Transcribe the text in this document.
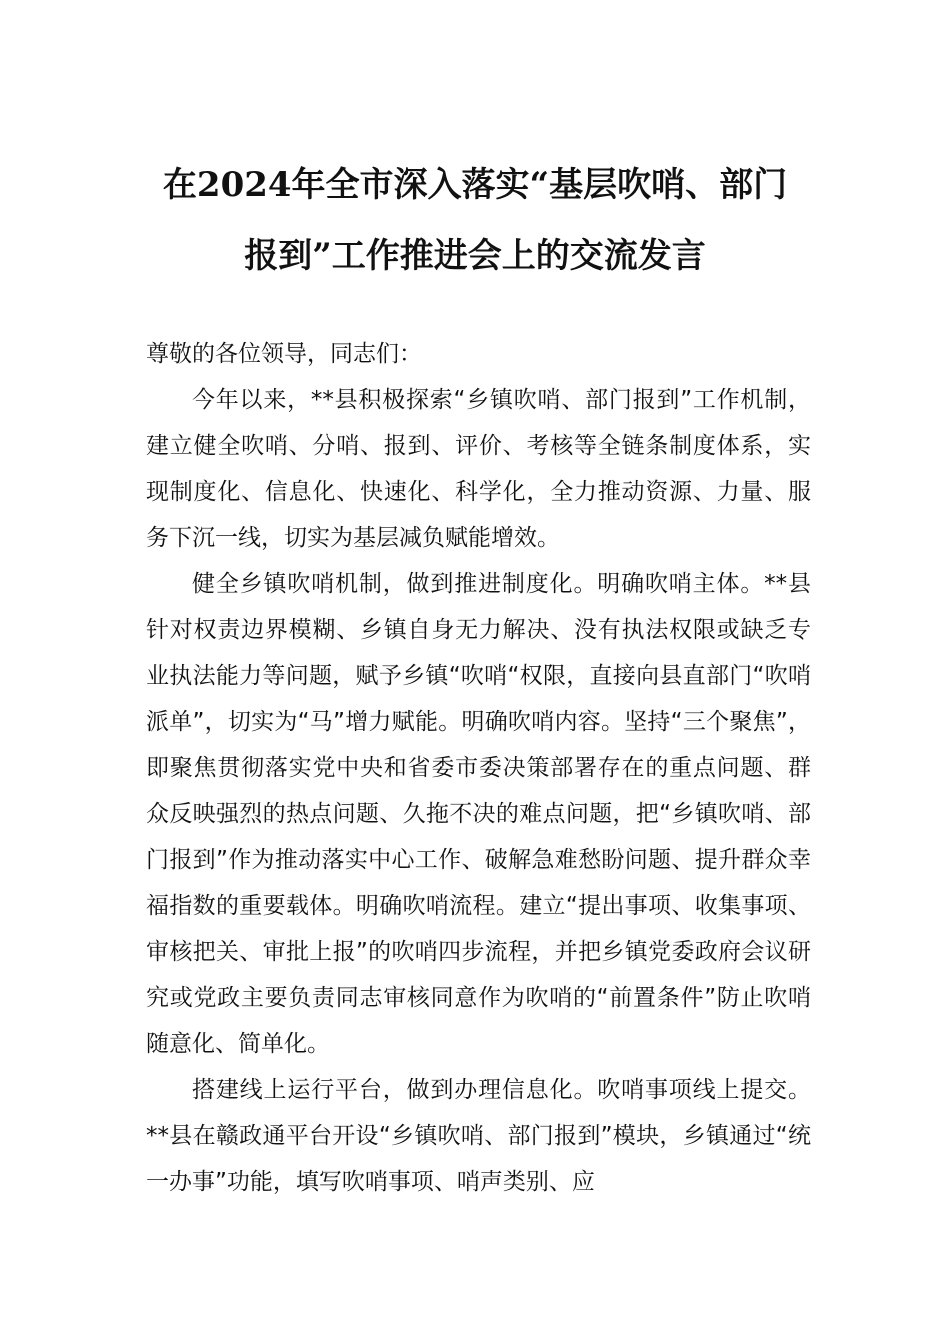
在2024年全市深入落实“基层吹哨、部门
报到”工作推进会上的交流发言

尊敬的各位领导，同志们：

今年以来，**县积极探索“乡镇吹哨、部门报到”工作机制，建立健全吹哨、分哨、报到、评价、考核等全链条制度体系，实现制度化、信息化、快速化、科学化，全力推动资源、力量、服务下沉一线，切实为基层减负赋能增效。

健全乡镇吹哨机制，做到推进制度化。明确吹哨主体。**县针对权责边界模糊、乡镇自身无力解决、没有执法权限或缺乏专业执法能力等问题，赋予乡镇“吹哨“权限，直接向县直部门“吹哨派单”，切实为“马”增力赋能。明确吹哨内容。坚持“三个聚焦”，即聚焦贯彻落实党中央和省委市委决策部署存在的重点问题、群众反映强烈的热点问题、久拖不决的难点问题，把“乡镇吹哨、部门报到”作为推动落实中心工作、破解急难愁盼问题、提升群众幸福指数的重要载体。明确吹哨流程。建立“提出事项、收集事项、审核把关、审批上报”的吹哨四步流程，并把乡镇党委政府会议研究或党政主要负责同志审核同意作为吹哨的“前置条件”防止吹哨随意化、简单化。

搭建线上运行平台，做到办理信息化。吹哨事项线上提交。**县在赣政通平台开设“乡镇吹哨、部门报到”模块，乡镇通过“统一办事”功能，填写吹哨事项、哨声类别、应
